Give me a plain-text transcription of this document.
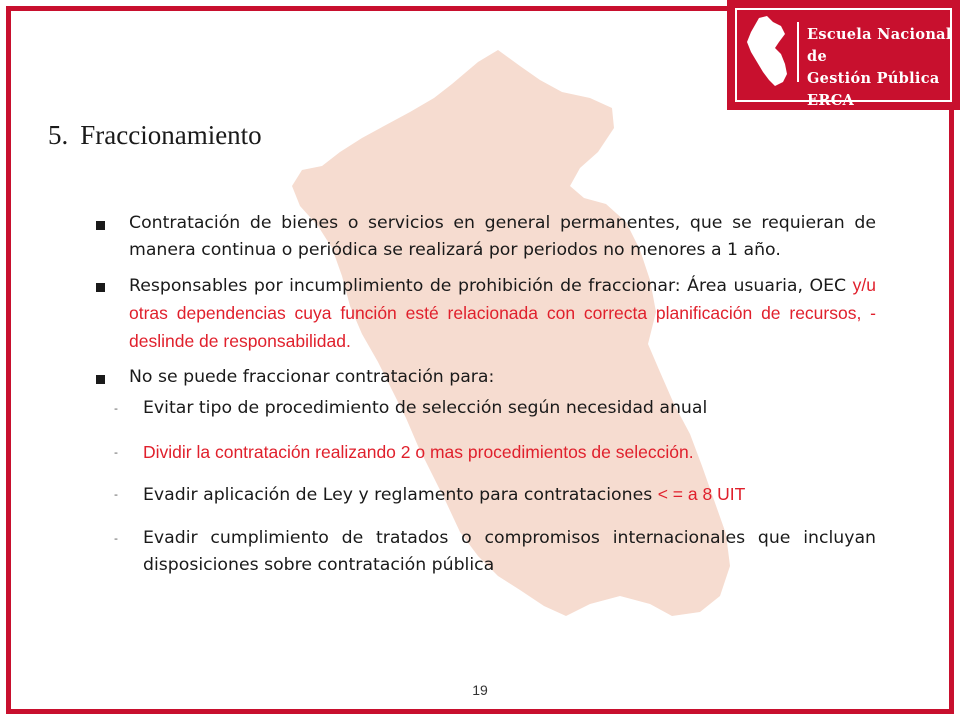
Escuela Nacional de
Gestión Pública ERCA
5. Fraccionamiento
Contratación de bienes o servicios en general permanentes, que se requieran de manera continua o periódica se realizará por periodos no menores a 1 año.
Responsables por incumplimiento de prohibición de fraccionar: Área usuaria, OEC y/u otras dependencias cuya función esté relacionada con correcta planificación de recursos, - deslinde de responsabilidad.
No se puede fraccionar contratación para:
- Evitar tipo de procedimiento de selección según necesidad anual
- Dividir la contratación realizando 2 o mas procedimientos de selección.
- Evadir aplicación de Ley y reglamento para contrataciones < = a 8 UIT
- Evadir cumplimiento de tratados o compromisos internacionales que incluyan disposiciones sobre contratación pública
19
